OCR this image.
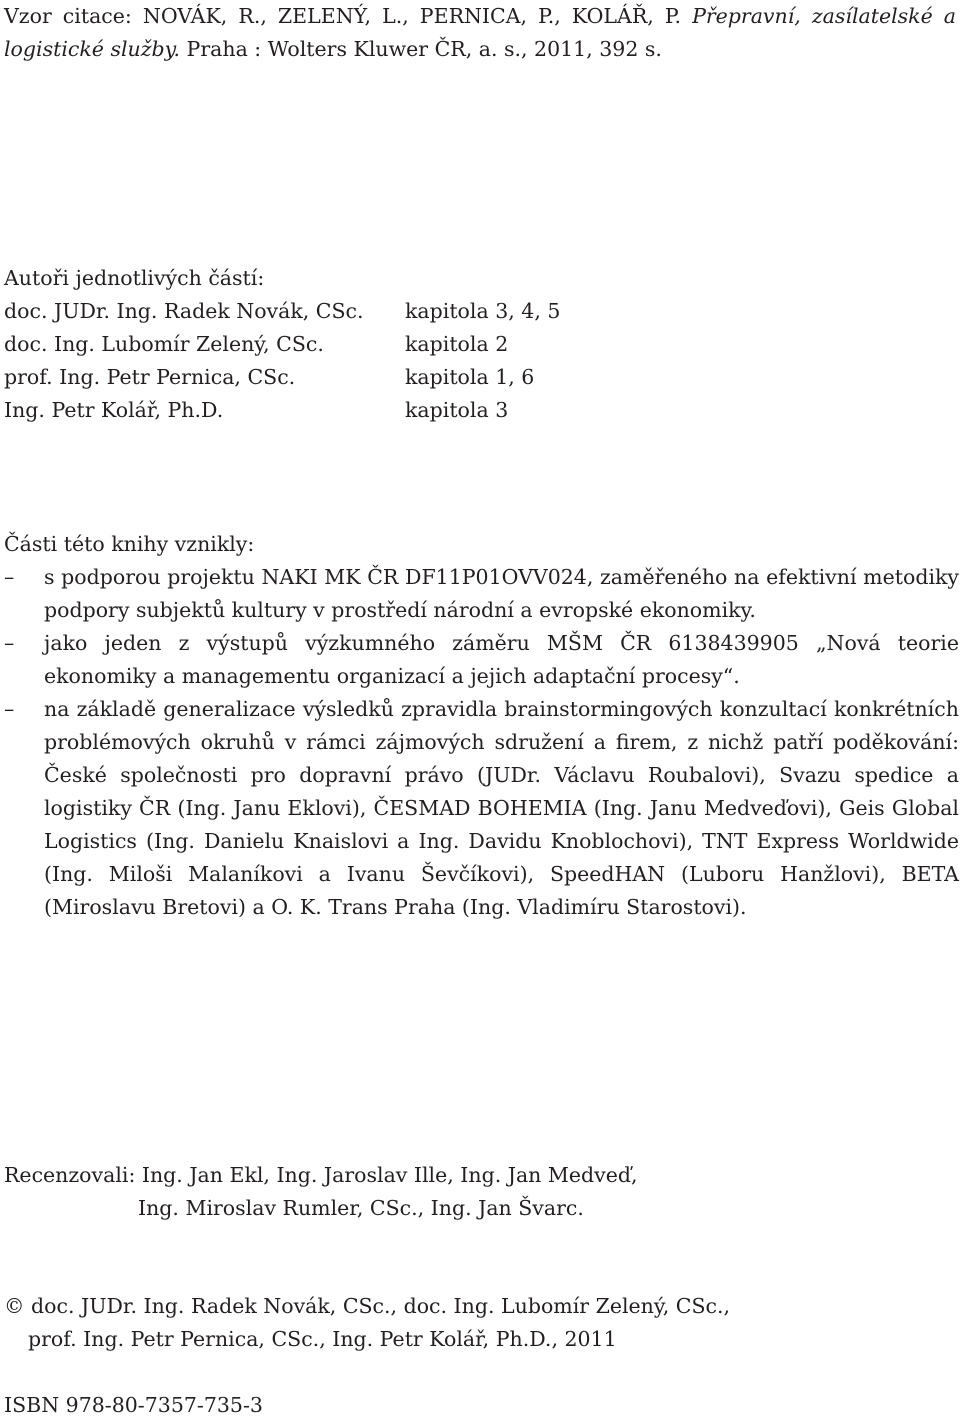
Vzor citace: NOVÁK, R., ZELENÝ, L., PERNICA, P., KOLÁŘ, P. Přepravní, zasílatelské a logistické služby. Praha : Wolters Kluwer ČR, a. s., 2011, 392 s.
Autoři jednotlivých částí:
doc. JUDr. Ing. Radek Novák, CSc.	kapitola 3, 4, 5
doc. Ing. Lubomír Zelený, CSc.	kapitola 2
prof. Ing. Petr Pernica, CSc.	kapitola 1, 6
Ing. Petr Kolář, Ph.D.	kapitola 3
Části této knihy vznikly:
– s podporou projektu NAKI MK ČR DF11P01OVV024, zaměřeného na efektivní metodiky podpory subjektů kultury v prostředí národní a evropské ekonomiky.
– jako jeden z výstupů výzkumného záměru MŠM ČR 6138439905 „Nová teorie ekonomiky a managementu organizací a jejich adaptační procesy“.
– na základě generalizace výsledků zpravidla brainstormingových konzultací konkrétních problémových okruhů v rámci zájmových sdružení a firem, z nichž patří poděkování: České společnosti pro dopravní právo (JUDr. Václavu Roubalovi), Svazu spedice a logistiky ČR (Ing. Janu Eklovi), ČESMAD BOHEMIA (Ing. Janu Medveďovi), Geis Global Logistics (Ing. Danielu Knaislovi a Ing. Davidu Knoblochovi), TNT Express Worldwide (Ing. Miloši Malaníkovi a Ivanu Ševčíkovi), SpeedHAN (Luboru Hanžlovi), BETA (Miroslavu Bretovi) a O. K. Trans Praha (Ing. Vladimíru Starostovi).
Recenzovali: Ing. Jan Ekl, Ing. Jaroslav Ille, Ing. Jan Medveď,
Ing. Miroslav Rumler, CSc., Ing. Jan Švarc.
© doc. JUDr. Ing. Radek Novák, CSc., doc. Ing. Lubomír Zelený, CSc.,
prof. Ing. Petr Pernica, CSc., Ing. Petr Kolář, Ph.D., 2011
ISBN 978-80-7357-735-3
